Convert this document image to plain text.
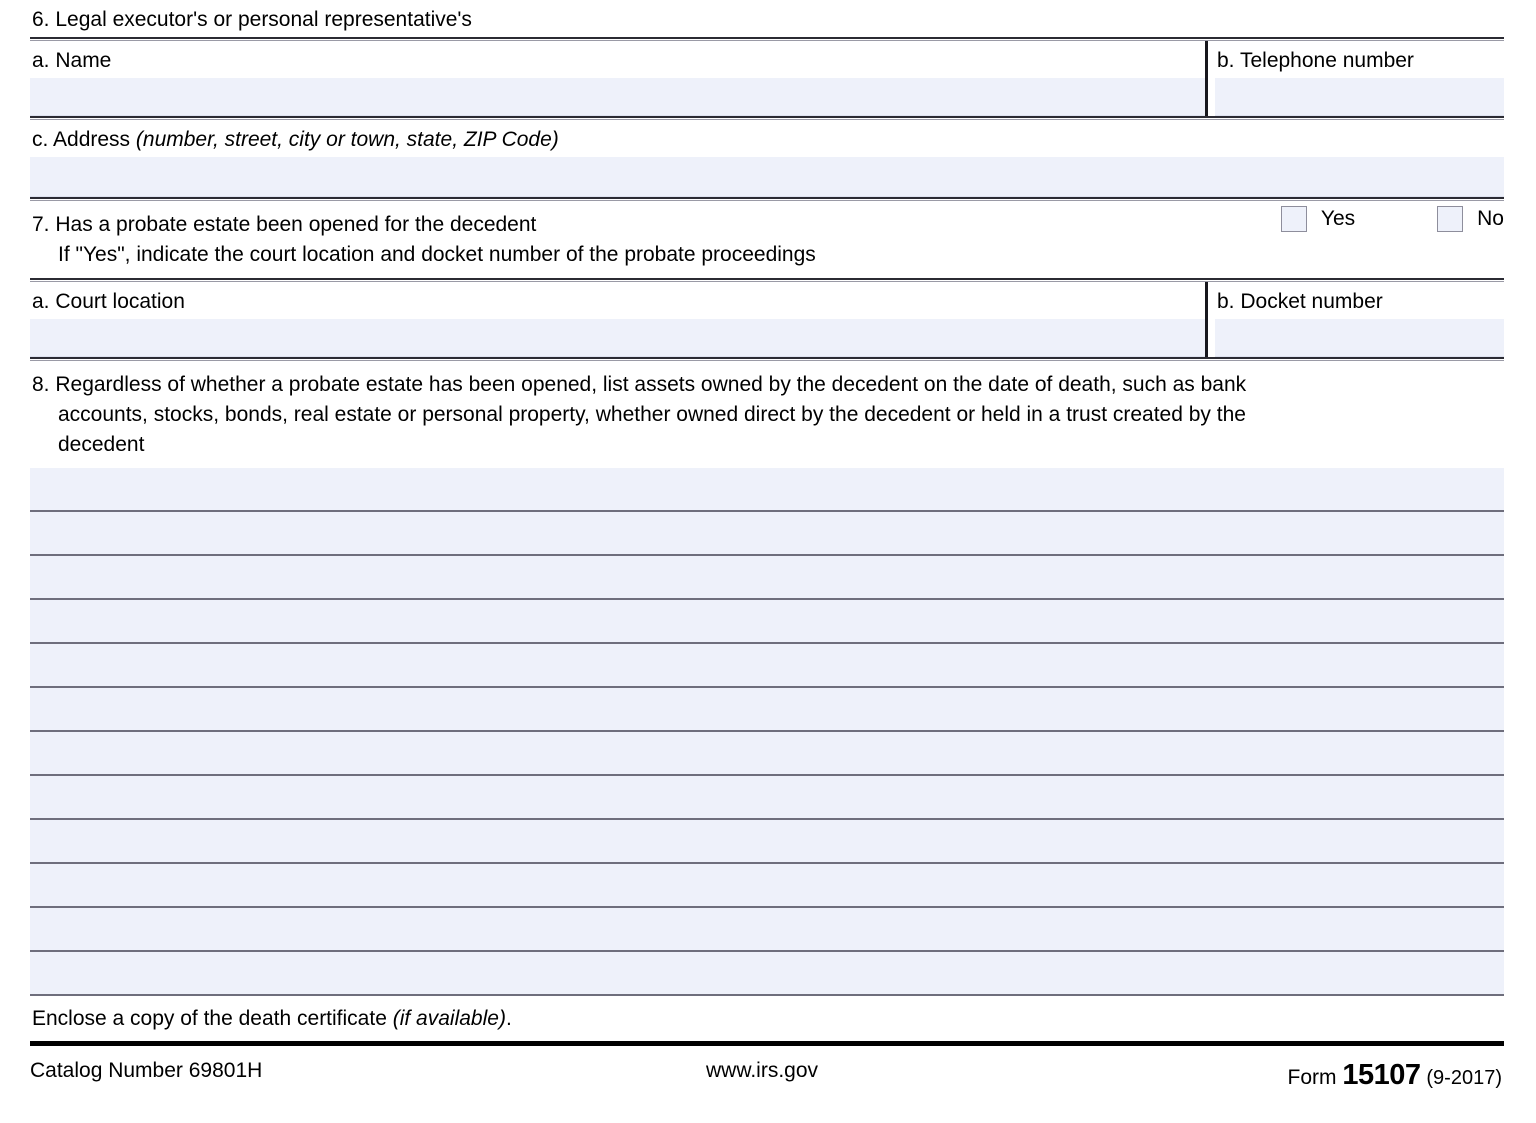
6. Legal executor's or personal representative's
a. Name	b. Telephone number
c. Address (number, street, city or town, state, ZIP Code)
7. Has a probate estate been opened for the decedent
If "Yes", indicate the court location and docket number of the probate proceedings
Yes	No
a. Court location	b. Docket number
8. Regardless of whether a probate estate has been opened, list assets owned by the decedent on the date of death, such as bank
accounts, stocks, bonds, real estate or personal property, whether owned direct by the decedent or held in a trust created by the
decedent
Enclose a copy of the death certificate (if available).
Catalog Number 69801H	www.irs.gov	Form 15107 (9-2017)
